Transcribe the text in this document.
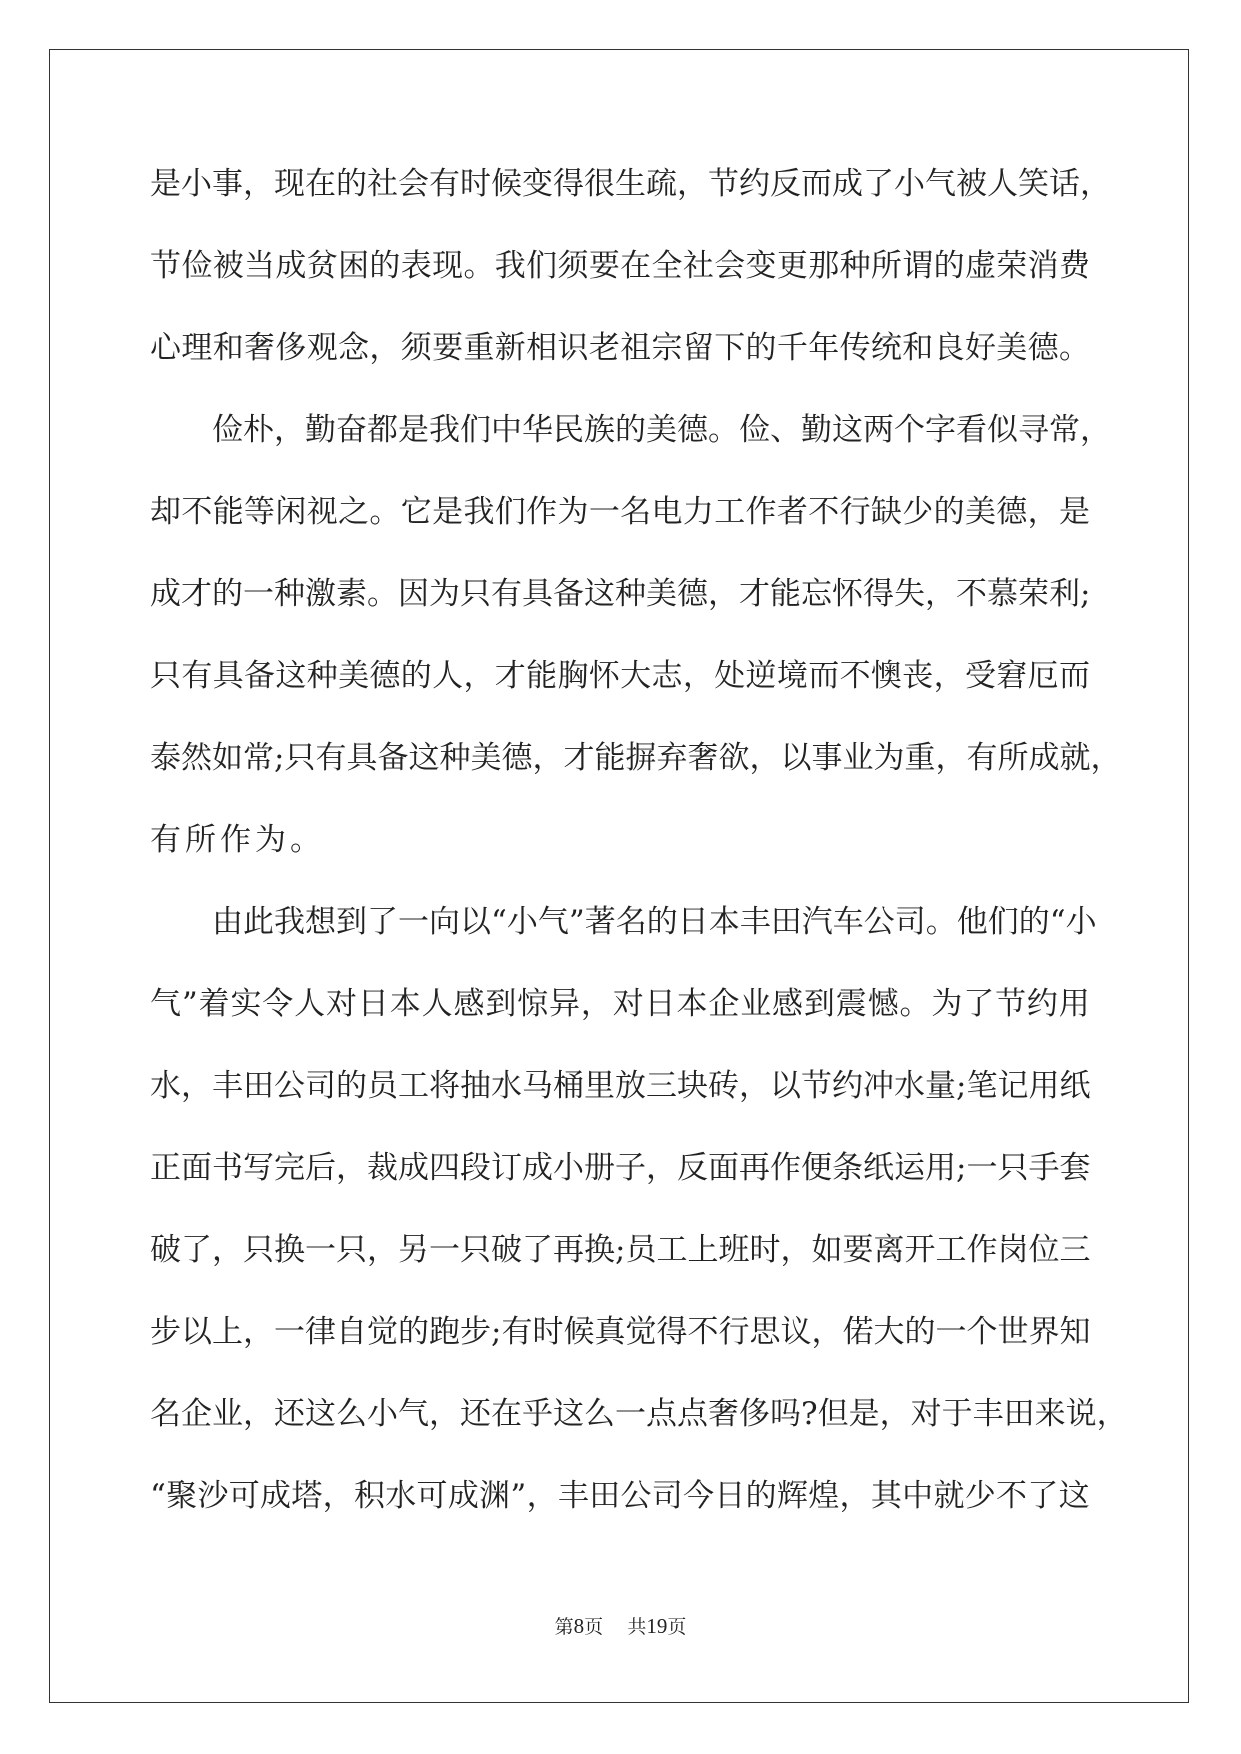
是 小 事 ， 现 在 的 社 会 有 时 候 变 得 很 生 疏 ， 节 约 反 而 成 了 小 气 被 人 笑 话 ，
节 俭 被 当 成 贫 困 的 表 现 。 我 们 须 要 在 全 社 会 变 更 那 种 所 谓 的 虚 荣 消 费
心 理 和 奢 侈 观 念 ， 须 要 重 新 相 识 老 祖 宗 留 下 的 千 年 传 统 和 良 好 美 德 。
俭 朴 ， 勤 奋 都 是 我 们 中 华 民 族 的 美 德 。 俭 、 勤 这 两 个 字 看 似 寻 常 ，
却 不 能 等 闲 视 之 。 它 是 我 们 作 为 一 名 电 力 工 作 者 不 行 缺 少 的 美 德 ， 是
成 才 的 一 种 激 素 。 因 为 只 有 具 备 这 种 美 德 ， 才 能 忘 怀 得 失 ， 不 慕 荣 利 ;
只 有 具 备 这 种 美 德 的 人 ， 才 能 胸 怀 大 志 ， 处 逆 境 而 不 懊 丧 ， 受 窘 厄 而
泰 然 如 常 ; 只 有 具 备 这 种 美 德 ， 才 能 摒 弃 奢 欲 ， 以 事 业 为 重 ， 有 所 成 就 ，
有 所 作 为 。
由 此 我 想 到 了 一 向 以 “ 小 气 ” 著 名 的 日 本 丰 田 汽 车 公 司 。 他 们 的 “ 小
气 ” 着 实 令 人 对 日 本 人 感 到 惊 异 ， 对 日 本 企 业 感 到 震 憾 。 为 了 节 约 用
水 ， 丰 田 公 司 的 员 工 将 抽 水 马 桶 里 放 三 块 砖 ， 以 节 约 冲 水 量 ; 笔 记 用 纸
正 面 书 写 完 后 ， 裁 成 四 段 订 成 小 册 子 ， 反 面 再 作 便 条 纸 运 用 ; 一 只 手 套
破 了 ， 只 换 一 只 ， 另 一 只 破 了 再 换 ; 员 工 上 班 时 ， 如 要 离 开 工 作 岗 位 三
步 以 上 ， 一 律 自 觉 的 跑 步 ; 有 时 候 真 觉 得 不 行 思 议 ， 偌 大 的 一 个 世 界 知
名 企 业 ， 还 这 么 小 气 ， 还 在 乎 这 么 一 点 点 奢 侈 吗 ? 但 是 ， 对 于 丰 田 来 说 ，
“ 聚 沙 可 成 塔 ， 积 水 可 成 渊 ” ， 丰 田 公 司 今 日 的 辉 煌 ， 其 中 就 少 不 了 这
第8页 共19页
